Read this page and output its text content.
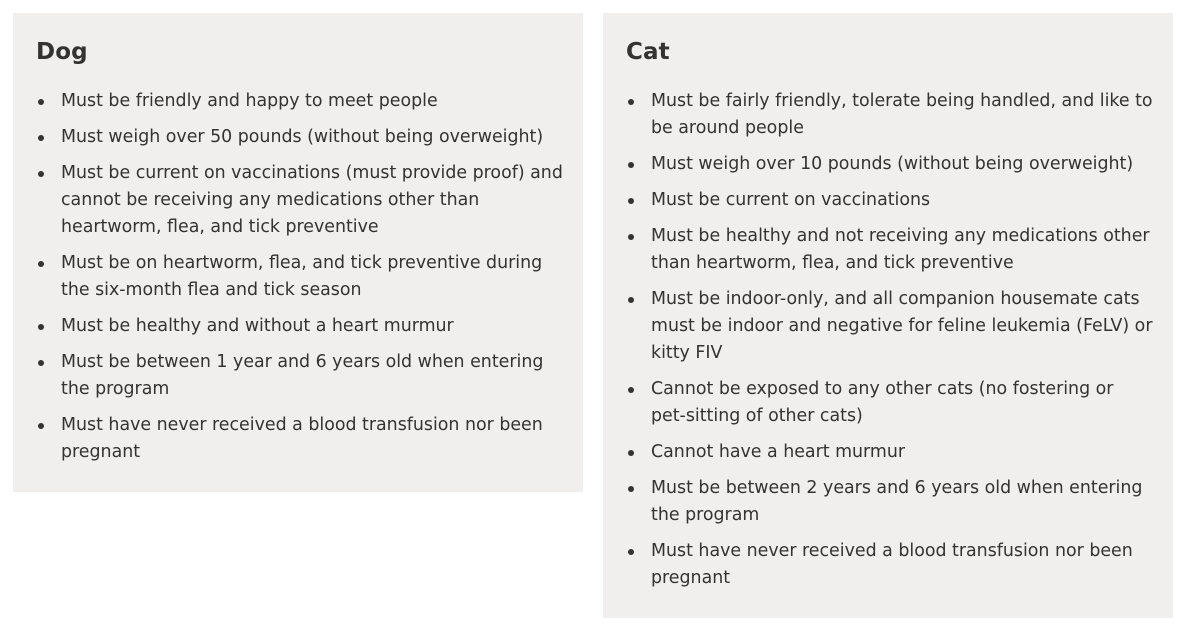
Dog
Must be friendly and happy to meet people
Must weigh over 50 pounds (without being overweight)
Must be current on vaccinations (must provide proof) and cannot be receiving any medications other than heartworm, flea, and tick preventive
Must be on heartworm, flea, and tick preventive during the six-month flea and tick season
Must be healthy and without a heart murmur
Must be between 1 year and 6 years old when entering the program
Must have never received a blood transfusion nor been pregnant
Cat
Must be fairly friendly, tolerate being handled, and like to be around people
Must weigh over 10 pounds (without being overweight)
Must be current on vaccinations
Must be healthy and not receiving any medications other than heartworm, flea, and tick preventive
Must be indoor-only, and all companion housemate cats must be indoor and negative for feline leukemia (FeLV) or kitty FIV
Cannot be exposed to any other cats (no fostering or pet-sitting of other cats)
Cannot have a heart murmur
Must be between 2 years and 6 years old when entering the program
Must have never received a blood transfusion nor been pregnant
